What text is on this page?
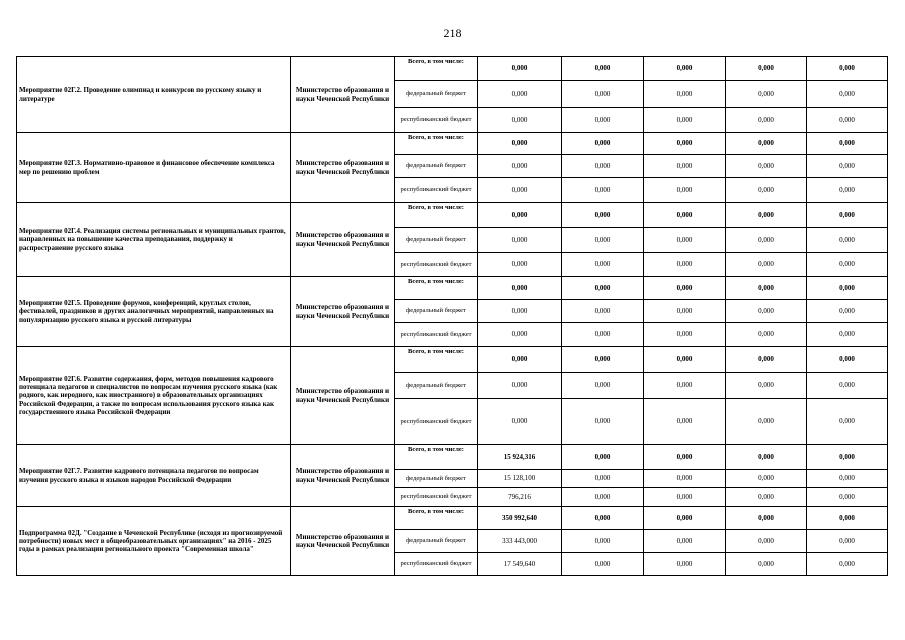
218
Мероприятие 02Г.2. Проведение олимпиад и конкурсов по русскому языку и литературе	Министерство образования и науки Чеченской Республики	Всего, в том числе:	0,000	0,000	0,000	0,000	0,000
		федеральный бюджет	0,000	0,000	0,000	0,000	0,000
		республиканский бюджет	0,000	0,000	0,000	0,000	0,000
Мероприятие 02Г.3. Нормативно-правовое и финансовое обеспечение комплекса мер по решению проблем	Министерство образования и науки Чеченской Республики	Всего, в том числе:	0,000	0,000	0,000	0,000	0,000
		федеральный бюджет	0,000	0,000	0,000	0,000	0,000
		республиканский бюджет	0,000	0,000	0,000	0,000	0,000
Мероприятие 02Г.4. Реализация системы региональных и муниципальных грантов, направленных на повышение качества преподавания, поддержку и распространение русского языка	Министерство образования и науки Чеченской Республики	Всего, в том числе:	0,000	0,000	0,000	0,000	0,000
		федеральный бюджет	0,000	0,000	0,000	0,000	0,000
		республиканский бюджет	0,000	0,000	0,000	0,000	0,000
Мероприятие 02Г.5. Проведение форумов, конференций, круглых столов, фестивалей, праздников и других аналогичных мероприятий, направленных на популяризацию русского языка и русской литературы	Министерство образования и науки Чеченской Республики	Всего, в том числе:	0,000	0,000	0,000	0,000	0,000
		федеральный бюджет	0,000	0,000	0,000	0,000	0,000
		республиканский бюджет	0,000	0,000	0,000	0,000	0,000
Мероприятие 02Г.6. Развитие содержания, форм, методов повышения кадрового потенциала педагогов и специалистов по вопросам изучения русского языка (как родного, как неродного, как иностранного) в образовательных организациях Российской Федерации, а также по вопросам использования русского языка как государственного языка Российской Федерации	Министерство образования и науки Чеченской Республики	Всего, в том числе:	0,000	0,000	0,000	0,000	0,000
		федеральный бюджет	0,000	0,000	0,000	0,000	0,000
		республиканский бюджет	0,000	0,000	0,000	0,000	0,000
Мероприятие 02Г.7. Развитие кадрового потенциала педагогов по вопросам изучения русского языка и языков народов Российской Федерации	Министерство образования и науки Чеченской Республики	Всего, в том числе:	15 924,316	0,000	0,000	0,000	0,000
		федеральный бюджет	15 128,100	0,000	0,000	0,000	0,000
		республиканский бюджет	796,216	0,000	0,000	0,000	0,000
Подпрограмма 02Д. "Создание в Чеченской Республике (исходя из прогнозируемой потребности) новых мест в общеобразовательных организациях" на 2016 - 2025 годы в рамках реализации регионального проекта "Современная школа"	Министерство образования и науки Чеченской Республики	Всего, в том числе:	350 992,640	0,000	0,000	0,000	0,000
		федеральный бюджет	333 443,000	0,000	0,000	0,000	0,000
		республиканский бюджет	17 549,640	0,000	0,000	0,000	0,000
